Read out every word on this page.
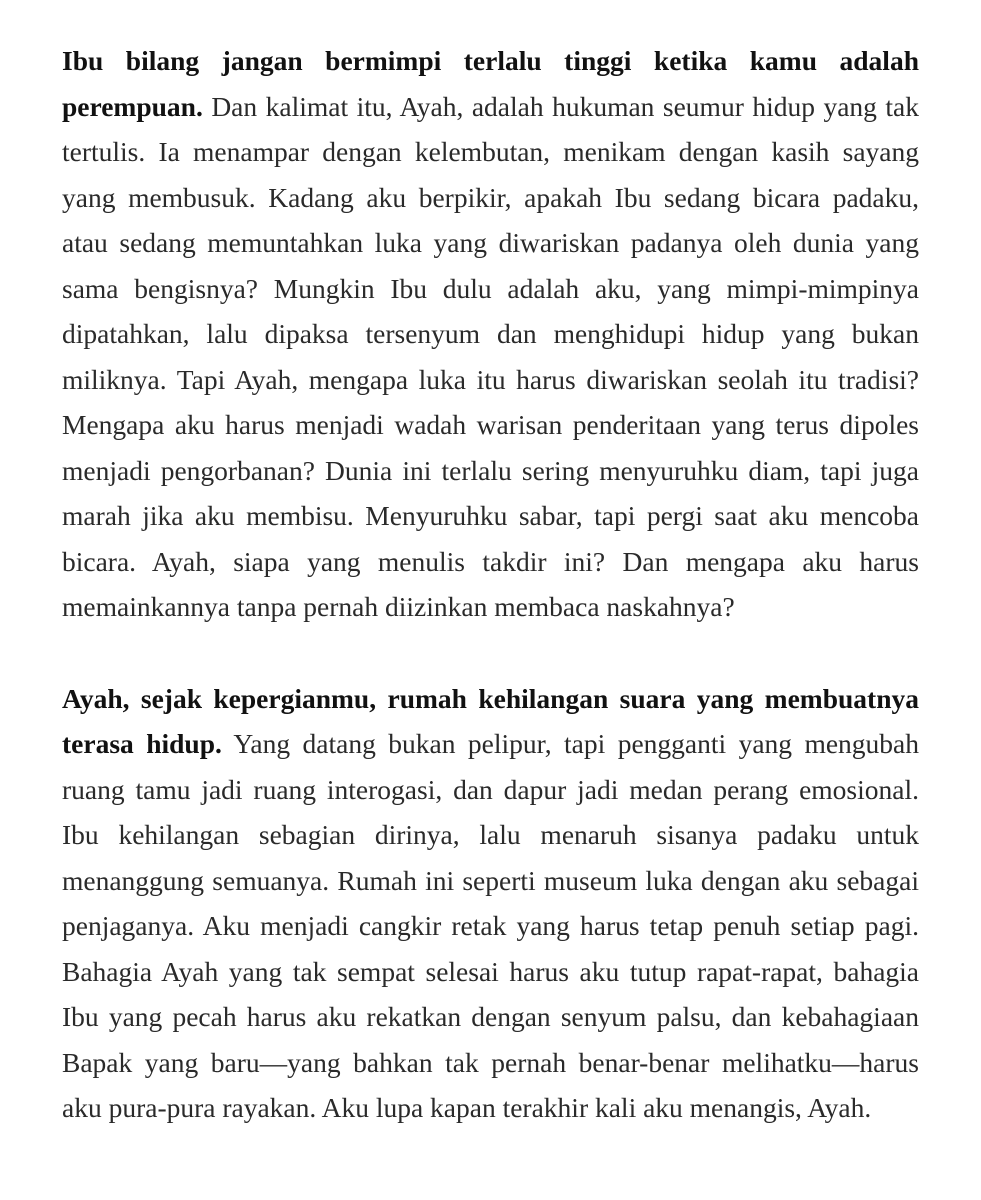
Ibu bilang jangan bermimpi terlalu tinggi ketika kamu adalah perempuan. Dan kalimat itu, Ayah, adalah hukuman seumur hidup yang tak tertulis. Ia menampar dengan kelembutan, menikam dengan kasih sayang yang membusuk. Kadang aku berpikir, apakah Ibu sedang bicara padaku, atau sedang memuntahkan luka yang diwariskan padanya oleh dunia yang sama bengisnya? Mungkin Ibu dulu adalah aku, yang mimpi-mimpinya dipatahkan, lalu dipaksa tersenyum dan menghidupi hidup yang bukan miliknya. Tapi Ayah, mengapa luka itu harus diwariskan seolah itu tradisi? Mengapa aku harus menjadi wadah warisan penderitaan yang terus dipoles menjadi pengorbanan? Dunia ini terlalu sering menyuruhku diam, tapi juga marah jika aku membisu. Menyuruhku sabar, tapi pergi saat aku mencoba bicara. Ayah, siapa yang menulis takdir ini? Dan mengapa aku harus memainkannya tanpa pernah diizinkan membaca naskahnya?

Ayah, sejak kepergianmu, rumah kehilangan suara yang membuatnya terasa hidup. Yang datang bukan pelipur, tapi pengganti yang mengubah ruang tamu jadi ruang interogasi, dan dapur jadi medan perang emosional. Ibu kehilangan sebagian dirinya, lalu menaruh sisanya padaku untuk menanggung semuanya. Rumah ini seperti museum luka dengan aku sebagai penjaganya. Aku menjadi cangkir retak yang harus tetap penuh setiap pagi. Bahagia Ayah yang tak sempat selesai harus aku tutup rapat-rapat, bahagia Ibu yang pecah harus aku rekatkan dengan senyum palsu, dan kebahagiaan Bapak yang baru—yang bahkan tak pernah benar-benar melihatku—harus aku pura-pura rayakan. Aku lupa kapan terakhir kali aku menangis, Ayah.
